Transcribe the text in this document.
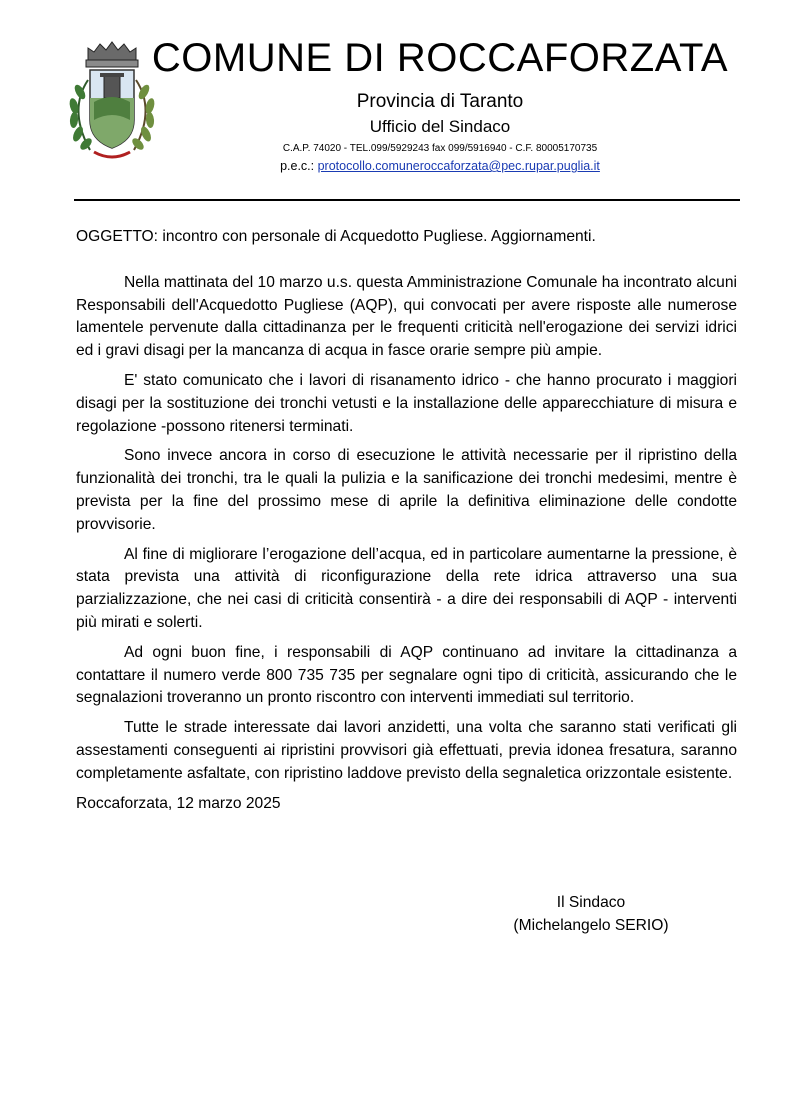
COMUNE DI ROCCAFORZATA
Provincia di Taranto
Ufficio del Sindaco
C.A.P. 74020 - TEL.099/5929243 fax 099/5916940 - C.F. 80005170735
p.e.c.: protocollo.comuneroccaforzata@pec.rupar.puglia.it

OGGETTO: incontro con personale di Acquedotto Pugliese. Aggiornamenti.

Nella mattinata del 10 marzo u.s. questa Amministrazione Comunale ha incontrato alcuni Responsabili dell'Acquedotto Pugliese (AQP), qui convocati per avere risposte alle numerose lamentele pervenute dalla cittadinanza per le frequenti criticità nell'erogazione dei servizi idrici ed i gravi disagi per la mancanza di acqua in fasce orarie sempre più ampie.

E' stato comunicato che i lavori di risanamento idrico - che hanno procurato i maggiori disagi per la sostituzione dei tronchi vetusti e la installazione delle apparecchiature di misura e regolazione -possono ritenersi terminati.

Sono invece ancora in corso di esecuzione le attività necessarie per il ripristino della funzionalità dei tronchi, tra le quali la pulizia e la sanificazione dei tronchi medesimi, mentre è prevista per la fine del prossimo mese di aprile la definitiva eliminazione delle condotte provvisorie.

Al fine di migliorare l’erogazione dell’acqua, ed in particolare aumentarne la pressione, è stata prevista una attività di riconfigurazione della rete idrica attraverso una sua parzializzazione, che nei casi di criticità consentirà - a dire dei responsabili di AQP - interventi più mirati e solerti.

Ad ogni buon fine, i responsabili di AQP continuano ad invitare la cittadinanza a contattare il numero verde 800 735 735 per segnalare ogni tipo di criticità, assicurando che le segnalazioni troveranno un pronto riscontro con interventi immediati sul territorio.

Tutte le strade interessate dai lavori anzidetti, una volta che saranno stati verificati gli assestamenti conseguenti ai ripristini provvisori già effettuati, previa idonea fresatura, saranno completamente asfaltate, con ripristino laddove previsto della segnaletica orizzontale esistente.

Roccaforzata, 12 marzo 2025
Il Sindaco
(Michelangelo SERIO)
